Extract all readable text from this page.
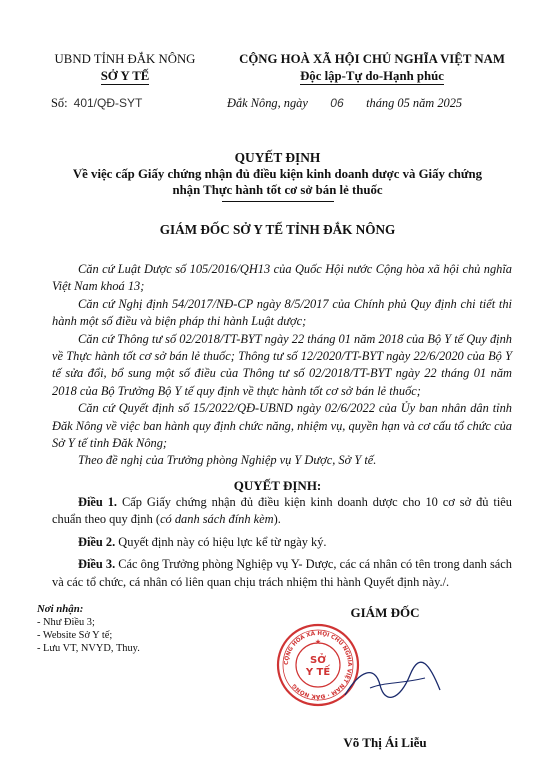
UBND TỈNH ĐẮK NÔNG
SỞ Y TẾ
CỘNG HOÀ XÃ HỘI CHỦ NGHĨA VIỆT NAM
Độc lập-Tự do-Hạnh phúc
Số: 401/QĐ-SYT	Đắk Nông, ngày 06 tháng 05 năm 2025
QUYẾT ĐỊNH
Về việc cấp Giấy chứng nhận đủ điều kiện kinh doanh dược và Giấy chứng
nhận Thực hành tốt cơ sở bán lẻ thuốc
GIÁM ĐỐC SỞ Y TẾ TỈNH ĐẮK NÔNG
Căn cứ Luật Dược số 105/2016/QH13 của Quốc Hội nước Cộng hòa xã hội chủ nghĩa Việt Nam khoá 13;
Căn cứ Nghị định 54/2017/NĐ-CP ngày 8/5/2017 của Chính phủ Quy định chi tiết thi hành một số điều và biện pháp thi hành Luật dược;
Căn cứ Thông tư số 02/2018/TT-BYT ngày 22 tháng 01 năm 2018 của Bộ Y tế Quy định về Thực hành tốt cơ sở bán lẻ thuốc; Thông tư số 12/2020/TT-BYT ngày 22/6/2020 của Bộ Y tế sửa đổi, bổ sung một số điều của Thông tư số 02/2018/TT-BYT ngày 22 tháng 01 năm 2018 của Bộ Trưởng Bộ Y tế quy định về thực hành tốt cơ sở bán lẻ thuốc;
Căn cứ Quyết định số 15/2022/QĐ-UBND ngày 02/6/2022 của Ủy ban nhân dân tỉnh Đăk Nông về việc ban hành quy định chức năng, nhiệm vụ, quyền hạn và cơ cấu tổ chức của Sở Y tế tỉnh Đăk Nông;
Theo đề nghị của Trưởng phòng Nghiệp vụ Y Dược, Sở Y tế.
QUYẾT ĐỊNH:
Điều 1. Cấp Giấy chứng nhận đủ điều kiện kinh doanh dược cho 10 cơ sở đủ tiêu chuẩn theo quy định (có danh sách đính kèm).
Điều 2. Quyết định này có hiệu lực kể từ ngày ký.
Điều 3. Các ông Trưởng phòng Nghiệp vụ Y- Dược, các cá nhân có tên trong danh sách và các tổ chức, cá nhân có liên quan chịu trách nhiệm thi hành Quyết định này./.
Nơi nhận:
- Như Điều 3;
- Website Sở Y tế;
- Lưu VT, NVYD, Thuy.
GIÁM ĐỐC
CỘNG HÒA XÃ HỘI CHỦ NGHĨA VIỆT NAM · ĐẮK NÔNG
SỞ
Y TẾ
★
Võ Thị Ái Liễu
